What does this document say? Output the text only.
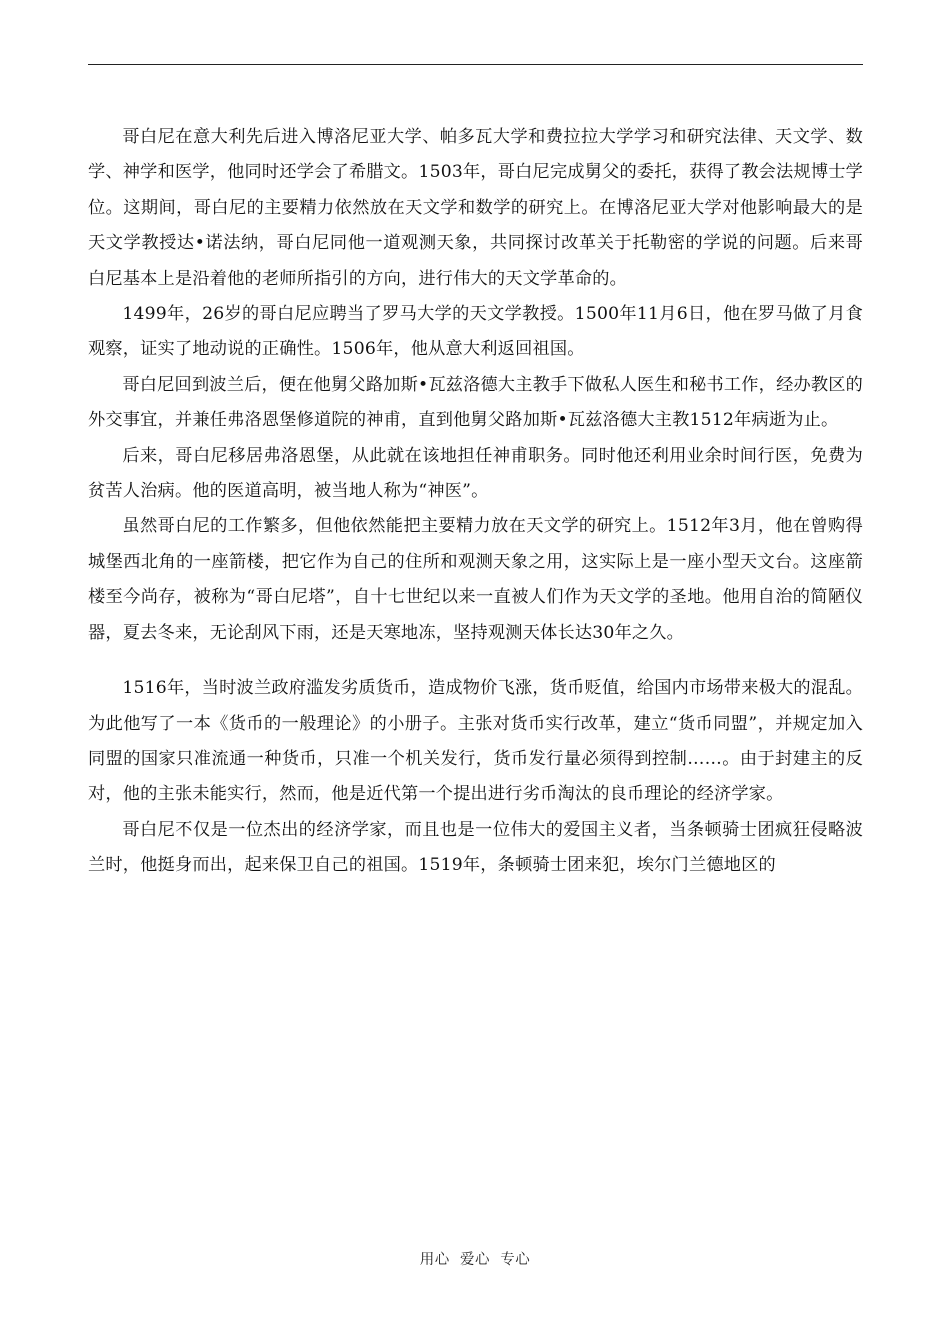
哥白尼在意大利先后进入博洛尼亚大学、帕多瓦大学和费拉拉大学学习和研究法律、天文学、数学、神学和医学，他同时还学会了希腊文。1503年，哥白尼完成舅父的委托，获得了教会法规博士学位。这期间，哥白尼的主要精力依然放在天文学和数学的研究上。在博洛尼亚大学对他影响最大的是天文学教授达•诺法纳，哥白尼同他一道观测天象，共同探讨改革关于托勒密的学说的问题。后来哥白尼基本上是沿着他的老师所指引的方向，进行伟大的天文学革命的。

1499年，26岁的哥白尼应聘当了罗马大学的天文学教授。1500年11月6日，他在罗马做了月食观察，证实了地动说的正确性。1506年，他从意大利返回祖国。

哥白尼回到波兰后，便在他舅父路加斯•瓦兹洛德大主教手下做私人医生和秘书工作，经办教区的外交事宜，并兼任弗洛恩堡修道院的神甫，直到他舅父路加斯•瓦兹洛德大主教1512年病逝为止。

后来，哥白尼移居弗洛恩堡，从此就在该地担任神甫职务。同时他还利用业余时间行医，免费为贫苦人治病。他的医道高明，被当地人称为“神医”。

虽然哥白尼的工作繁多，但他依然能把主要精力放在天文学的研究上。1512年3月，他在曾购得城堡西北角的一座箭楼，把它作为自己的住所和观测天象之用，这实际上是一座小型天文台。这座箭楼至今尚存，被称为“哥白尼塔”，自十七世纪以来一直被人们作为天文学的圣地。他用自治的简陋仪器，夏去冬来，无论刮风下雨，还是天寒地冻，坚持观测天体长达30年之久。

1516年，当时波兰政府滥发劣质货币，造成物价飞涨，货币贬值，给国内市场带来极大的混乱。为此他写了一本《货币的一般理论》的小册子。主张对货币实行改革，建立“货币同盟”，并规定加入同盟的国家只准流通一种货币，只准一个机关发行，货币发行量必须得到控制……。由于封建主的反对，他的主张未能实行，然而，他是近代第一个提出进行劣币淘汰的良币理论的经济学家。

哥白尼不仅是一位杰出的经济学家，而且也是一位伟大的爱国主义者，当条顿骑士团疯狂侵略波兰时，他挺身而出，起来保卫自己的祖国。1519年，条顿骑士团来犯，埃尔门兰德地区的

用心  爱心  专心
